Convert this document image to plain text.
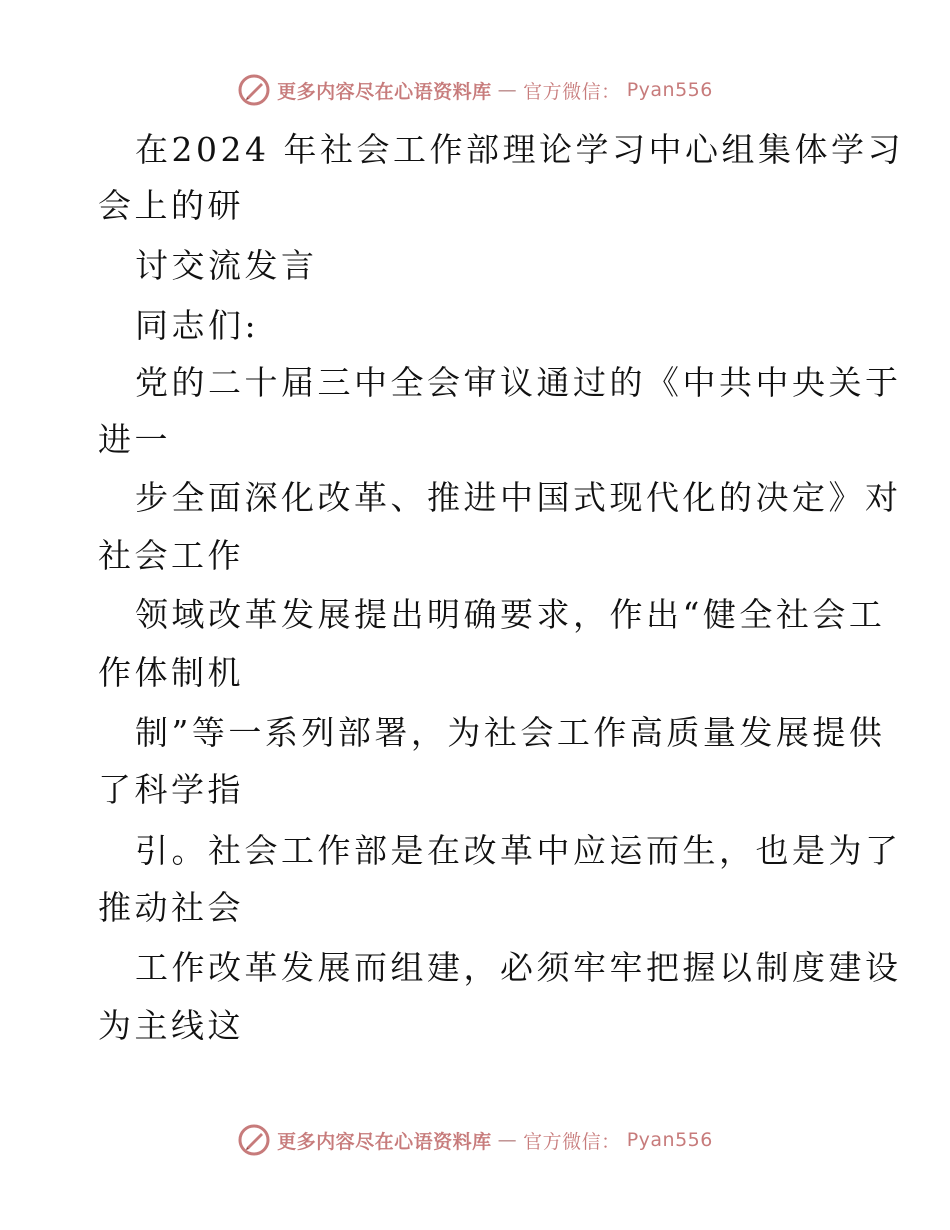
更多内容尽在心语资料库 — 官方微信： Pyan556
在2024 年社会工作部理论学习中心组集体学习
会上的研
讨交流发言
同志们:
党的二十届三中全会审议通过的《中共中央关于
进一
步全面深化改革、推进中国式现代化的决定》对
社会工作
领域改革发展提出明确要求，作出“健全社会工
作体制机
制”等一系列部署，为社会工作高质量发展提供
了科学指
引。社会工作部是在改革中应运而生，也是为了
推动社会
工作改革发展而组建，必须牢牢把握以制度建设
为主线这
更多内容尽在心语资料库 — 官方微信： Pyan556
